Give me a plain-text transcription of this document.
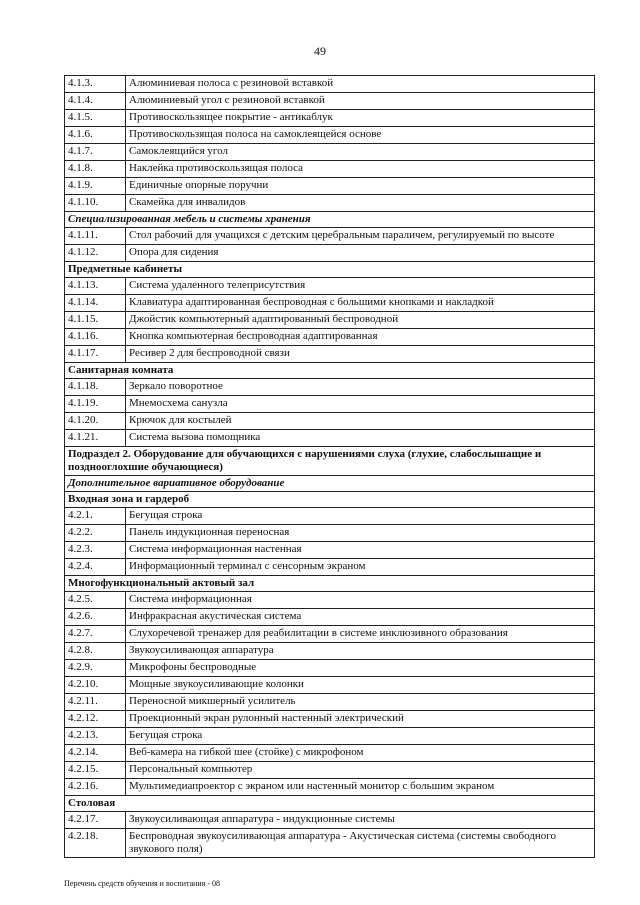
49
4.1.3.	Алюминиевая полоса с резиновой вставкой
4.1.4.	Алюминиевый угол с резиновой вставкой
4.1.5.	Противоскользящее покрытие - антикаблук
4.1.6.	Противоскользящая полоса на самоклеящейся основе
4.1.7.	Самоклеящийся угол
4.1.8.	Наклейка противоскользящая полоса
4.1.9.	Единичные опорные поручни
4.1.10.	Скамейка для инвалидов
Специализированная мебель и системы хранения	
4.1.11.	Стол рабочий для учащихся с детским церебральным параличем, регулируемый по высоте
4.1.12.	Опора для сидения
Предметные кабинеты	
4.1.13.	Система удаленного телеприсутствия
4.1.14.	Клавиатура адаптированная беспроводная с большими кнопками и накладкой
4.1.15.	Джойстик компьютерный адаптированный беспроводной
4.1.16.	Кнопка компьютерная беспроводная адаптированная
4.1.17.	Ресивер 2 для беспроводной связи
Санитарная комната	
4.1.18.	Зеркало поворотное
4.1.19.	Мнемосхема санузла
4.1.20.	Крючок для костылей
4.1.21.	Система вызова помощника
Подраздел 2. Оборудование для обучающихся с нарушениями слуха (глухие, слабослышащие и позднооглохшие обучающиеся)	
Дополнительное вариативное оборудование	
Входная зона и гардероб	
4.2.1.	Бегущая строка
4.2.2.	Панель индукционная переносная
4.2.3.	Система информационная настенная
4.2.4.	Информационный терминал с сенсорным экраном
Многофункциональный актовый зал	
4.2.5.	Система информационная
4.2.6.	Инфракрасная акустическая система
4.2.7.	Слухоречевой тренажер для реабилитации в системе инклюзивного образования
4.2.8.	Звукоусиливающая аппаратура
4.2.9.	Микрофоны беспроводные
4.2.10.	Мощные звукоусиливающие колонки
4.2.11.	Переносной микшерный усилитель
4.2.12.	Проекционный экран рулонный настенный электрический
4.2.13.	Бегущая строка
4.2.14.	Веб-камера на гибкой шее (стойке) с микрофоном
4.2.15.	Персональный компьютер
4.2.16.	Мультимедиапроектор с экраном или настенный монитор с большим экраном
Столовая	
4.2.17.	Звукоусиливающая аппаратура - индукционные системы
4.2.18.	Беспроводная звукоусиливающая аппаратура - Акустическая система (системы свободного звукового поля)
Перечень средств обучения и воспитания - 08
